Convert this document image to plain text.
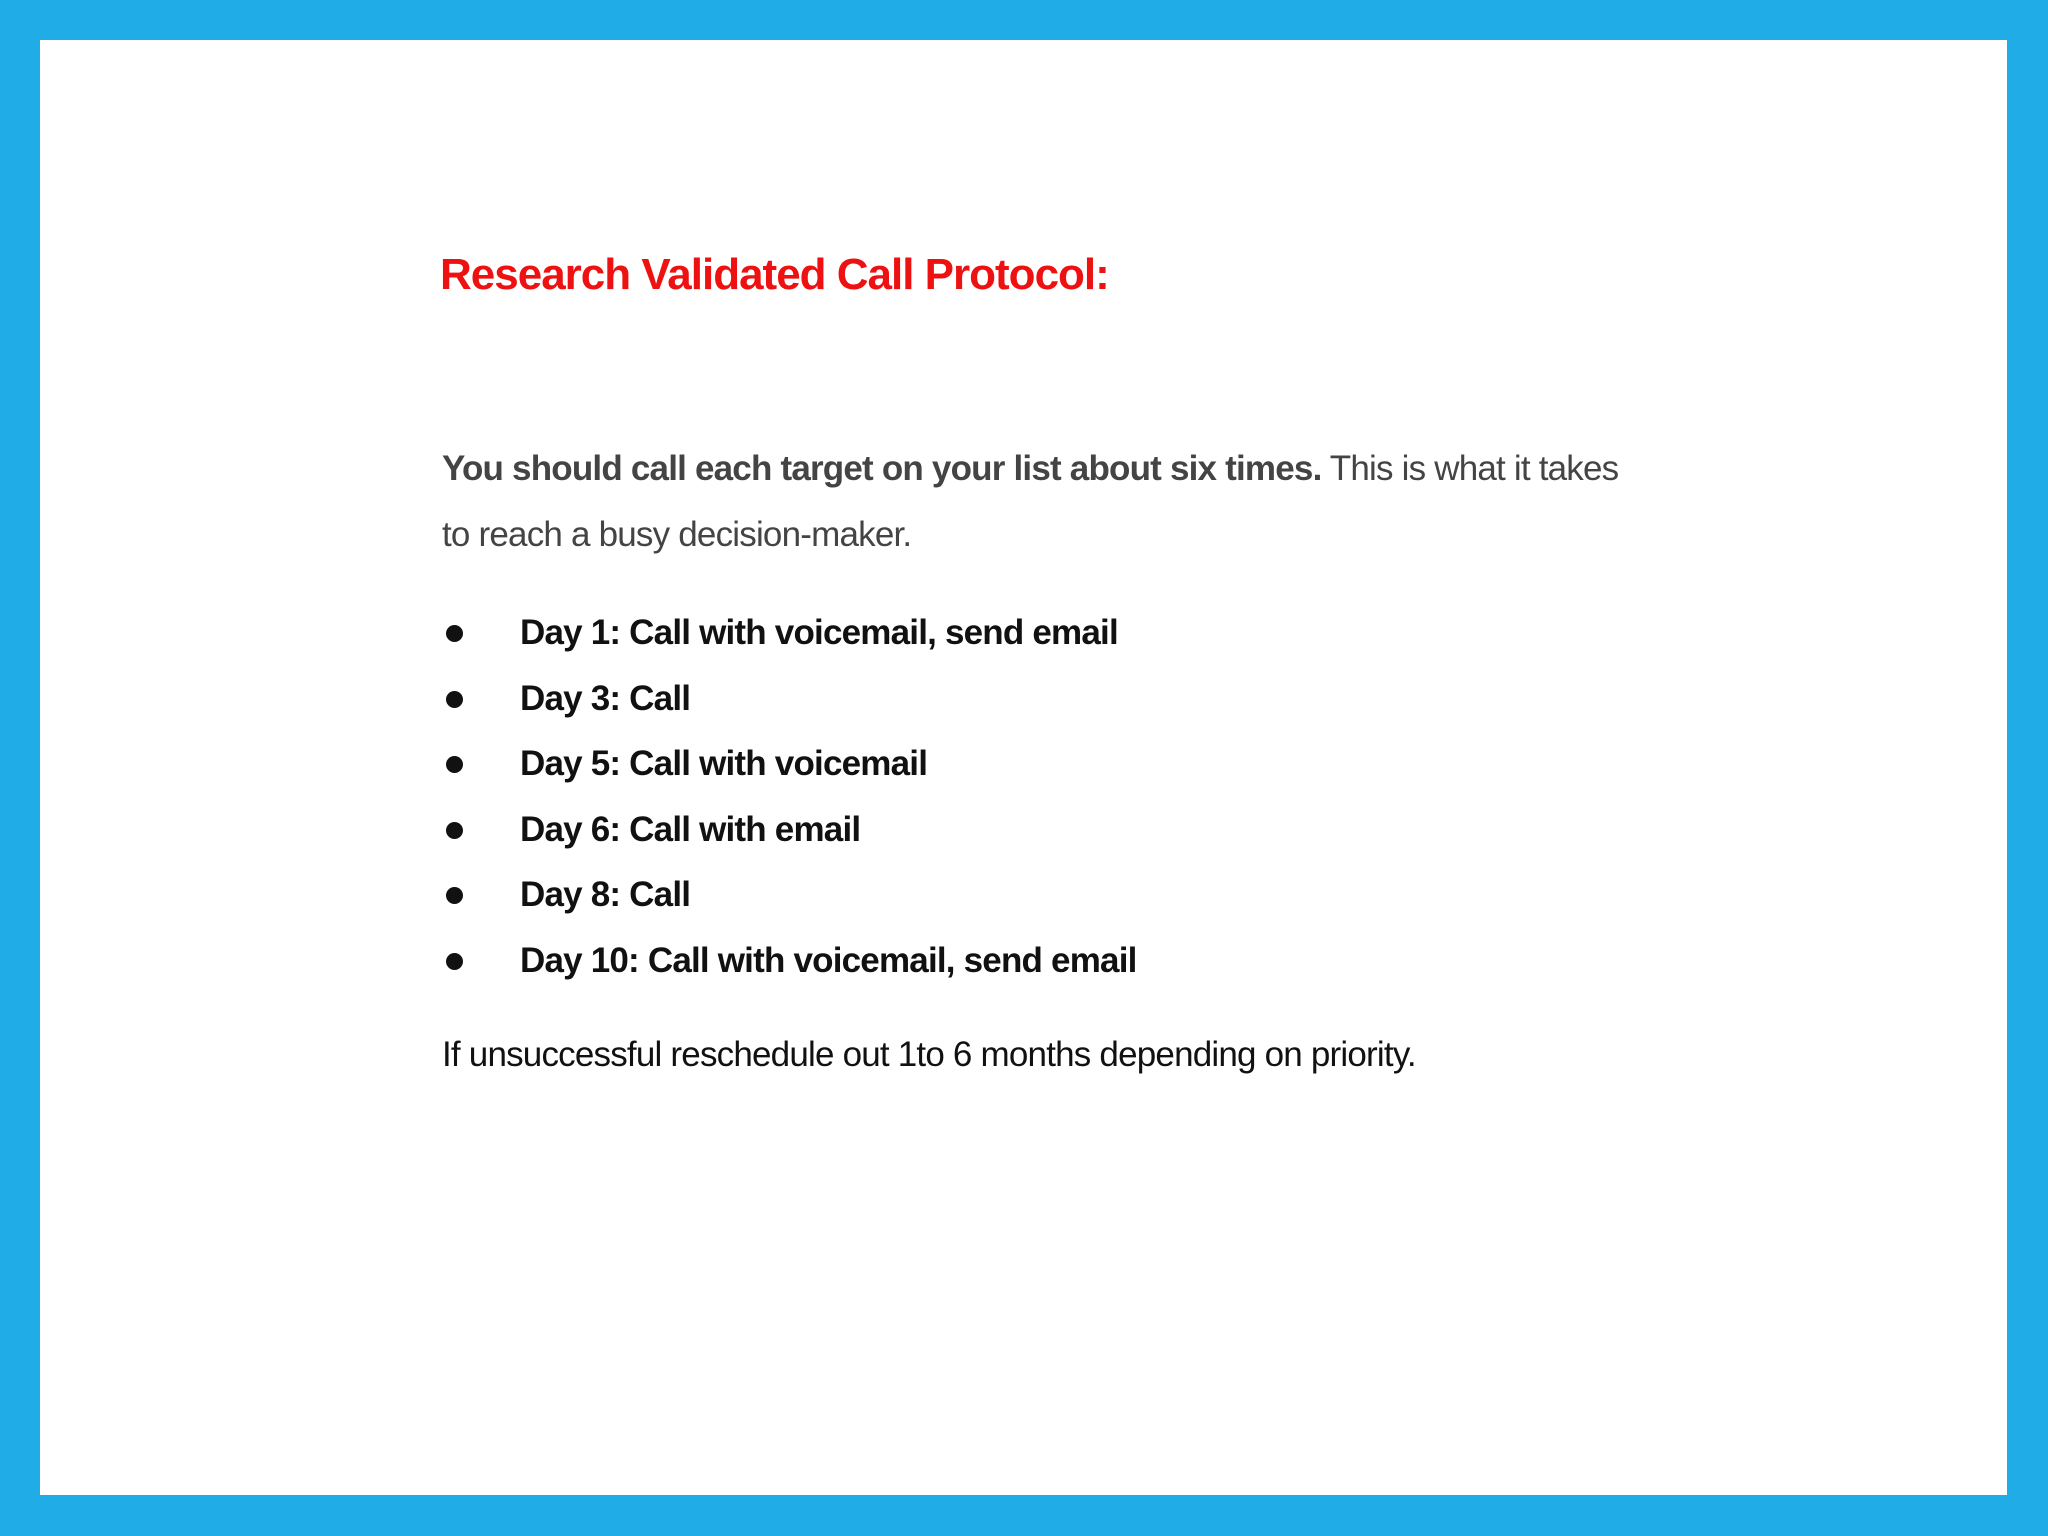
Research Validated Call Protocol:

You should call each target on your list about six times. This is what it takes to reach a busy decision-maker.

Day 1: Call with voicemail, send email
Day 3: Call
Day 5: Call with voicemail
Day 6: Call with email
Day 8: Call
Day 10: Call with voicemail, send email

If unsuccessful reschedule out 1to 6 months depending on priority.
